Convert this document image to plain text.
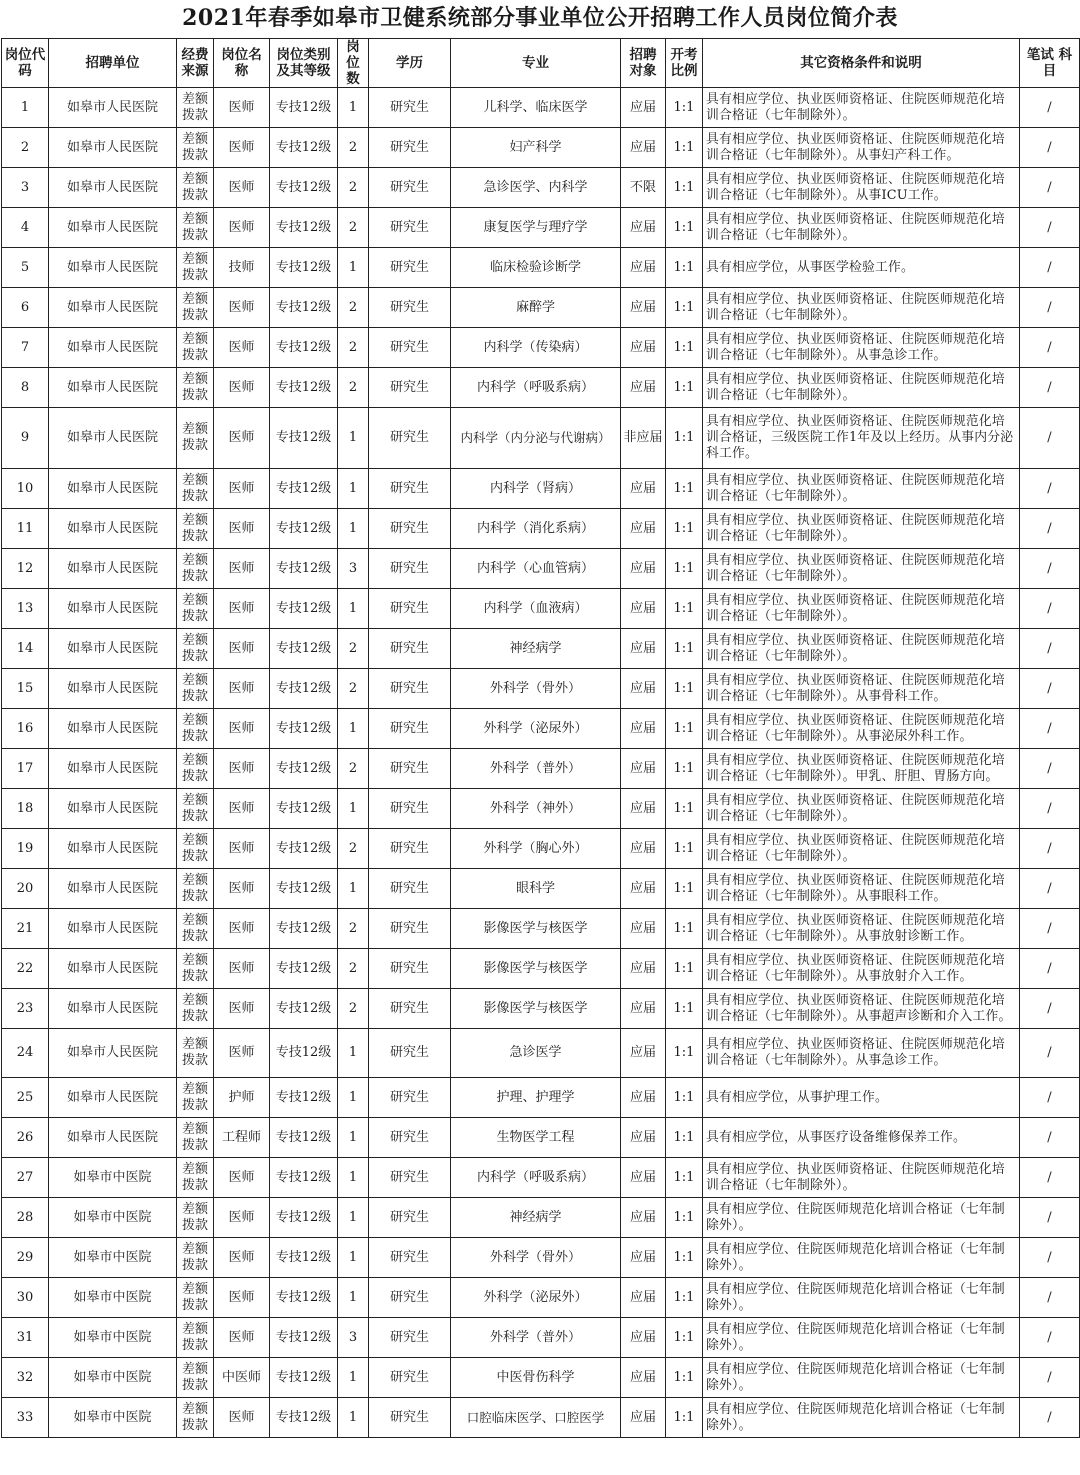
2021年春季如皋市卫健系统部分事业单位公开招聘工作人员岗位简介表
岗位代码	招聘单位	经费来源	岗位名称	岗位类别及其等级	岗位数	学历	专业	招聘对象	开考比例	其它资格条件和说明	笔试 科目
1	如皋市人民医院	差额拨款	医师	专技12级	1	研究生	儿科学、临床医学	应届	1:1	具有相应学位、执业医师资格证、住院医师规范化培训合格证（七年制除外）。	/
2	如皋市人民医院	差额拨款	医师	专技12级	2	研究生	妇产科学	应届	1:1	具有相应学位、执业医师资格证、住院医师规范化培训合格证（七年制除外）。从事妇产科工作。	/
3	如皋市人民医院	差额拨款	医师	专技12级	2	研究生	急诊医学、内科学	不限	1:1	具有相应学位、执业医师资格证、住院医师规范化培训合格证（七年制除外）。从事ICU工作。	/
4	如皋市人民医院	差额拨款	医师	专技12级	2	研究生	康复医学与理疗学	应届	1:1	具有相应学位、执业医师资格证、住院医师规范化培训合格证（七年制除外）。	/
5	如皋市人民医院	差额拨款	技师	专技12级	1	研究生	临床检验诊断学	应届	1:1	具有相应学位，从事医学检验工作。	/
6	如皋市人民医院	差额拨款	医师	专技12级	2	研究生	麻醉学	应届	1:1	具有相应学位、执业医师资格证、住院医师规范化培训合格证（七年制除外）。	/
7	如皋市人民医院	差额拨款	医师	专技12级	2	研究生	内科学（传染病）	应届	1:1	具有相应学位、执业医师资格证、住院医师规范化培训合格证（七年制除外）。从事急诊工作。	/
8	如皋市人民医院	差额拨款	医师	专技12级	2	研究生	内科学（呼吸系病）	应届	1:1	具有相应学位、执业医师资格证、住院医师规范化培训合格证（七年制除外）。	/
9	如皋市人民医院	差额拨款	医师	专技12级	1	研究生	内科学（内分泌与代谢病）	非应届	1:1	具有相应学位、执业医师资格证、住院医师规范化培训合格证，三级医院工作1年及以上经历。从事内分泌科工作。	/
10	如皋市人民医院	差额拨款	医师	专技12级	1	研究生	内科学（肾病）	应届	1:1	具有相应学位、执业医师资格证、住院医师规范化培训合格证（七年制除外）。	/
11	如皋市人民医院	差额拨款	医师	专技12级	1	研究生	内科学（消化系病）	应届	1:1	具有相应学位、执业医师资格证、住院医师规范化培训合格证（七年制除外）。	/
12	如皋市人民医院	差额拨款	医师	专技12级	3	研究生	内科学（心血管病）	应届	1:1	具有相应学位、执业医师资格证、住院医师规范化培训合格证（七年制除外）。	/
13	如皋市人民医院	差额拨款	医师	专技12级	1	研究生	内科学（血液病）	应届	1:1	具有相应学位、执业医师资格证、住院医师规范化培训合格证（七年制除外）。	/
14	如皋市人民医院	差额拨款	医师	专技12级	2	研究生	神经病学	应届	1:1	具有相应学位、执业医师资格证、住院医师规范化培训合格证（七年制除外）。	/
15	如皋市人民医院	差额拨款	医师	专技12级	2	研究生	外科学（骨外）	应届	1:1	具有相应学位、执业医师资格证、住院医师规范化培训合格证（七年制除外）。从事骨科工作。	/
16	如皋市人民医院	差额拨款	医师	专技12级	1	研究生	外科学（泌尿外）	应届	1:1	具有相应学位、执业医师资格证、住院医师规范化培训合格证（七年制除外）。从事泌尿外科工作。	/
17	如皋市人民医院	差额拨款	医师	专技12级	2	研究生	外科学（普外）	应届	1:1	具有相应学位、执业医师资格证、住院医师规范化培训合格证（七年制除外）。甲乳、肝胆、胃肠方向。	/
18	如皋市人民医院	差额拨款	医师	专技12级	1	研究生	外科学（神外）	应届	1:1	具有相应学位、执业医师资格证、住院医师规范化培训合格证（七年制除外）。	/
19	如皋市人民医院	差额拨款	医师	专技12级	2	研究生	外科学（胸心外）	应届	1:1	具有相应学位、执业医师资格证、住院医师规范化培训合格证（七年制除外）。	/
20	如皋市人民医院	差额拨款	医师	专技12级	1	研究生	眼科学	应届	1:1	具有相应学位、执业医师资格证、住院医师规范化培训合格证（七年制除外）。从事眼科工作。	/
21	如皋市人民医院	差额拨款	医师	专技12级	2	研究生	影像医学与核医学	应届	1:1	具有相应学位、执业医师资格证、住院医师规范化培训合格证（七年制除外）。从事放射诊断工作。	/
22	如皋市人民医院	差额拨款	医师	专技12级	2	研究生	影像医学与核医学	应届	1:1	具有相应学位、执业医师资格证、住院医师规范化培训合格证（七年制除外）。从事放射介入工作。	/
23	如皋市人民医院	差额拨款	医师	专技12级	2	研究生	影像医学与核医学	应届	1:1	具有相应学位、执业医师资格证、住院医师规范化培训合格证（七年制除外）。从事超声诊断和介入工作。	/
24	如皋市人民医院	差额拨款	医师	专技12级	1	研究生	急诊医学	应届	1:1	具有相应学位、执业医师资格证、住院医师规范化培训合格证（七年制除外）。从事急诊工作。	/
25	如皋市人民医院	差额拨款	护师	专技12级	1	研究生	护理、护理学	应届	1:1	具有相应学位，从事护理工作。	/
26	如皋市人民医院	差额拨款	工程师	专技12级	1	研究生	生物医学工程	应届	1:1	具有相应学位，从事医疗设备维修保养工作。	/
27	如皋市中医院	差额拨款	医师	专技12级	1	研究生	内科学（呼吸系病）	应届	1:1	具有相应学位、执业医师资格证、住院医师规范化培训合格证（七年制除外）。	/
28	如皋市中医院	差额拨款	医师	专技12级	1	研究生	神经病学	应届	1:1	具有相应学位、住院医师规范化培训合格证（七年制除外）。	/
29	如皋市中医院	差额拨款	医师	专技12级	1	研究生	外科学（骨外）	应届	1:1	具有相应学位、住院医师规范化培训合格证（七年制除外）。	/
30	如皋市中医院	差额拨款	医师	专技12级	1	研究生	外科学（泌尿外）	应届	1:1	具有相应学位、住院医师规范化培训合格证（七年制除外）。	/
31	如皋市中医院	差额拨款	医师	专技12级	3	研究生	外科学（普外）	应届	1:1	具有相应学位、住院医师规范化培训合格证（七年制除外）。	/
32	如皋市中医院	差额拨款	中医师	专技12级	1	研究生	中医骨伤科学	应届	1:1	具有相应学位、住院医师规范化培训合格证（七年制除外）。	/
33	如皋市中医院	差额拨款	医师	专技12级	1	研究生	口腔临床医学、口腔医学	应届	1:1	具有相应学位、住院医师规范化培训合格证（七年制除外）。	/
